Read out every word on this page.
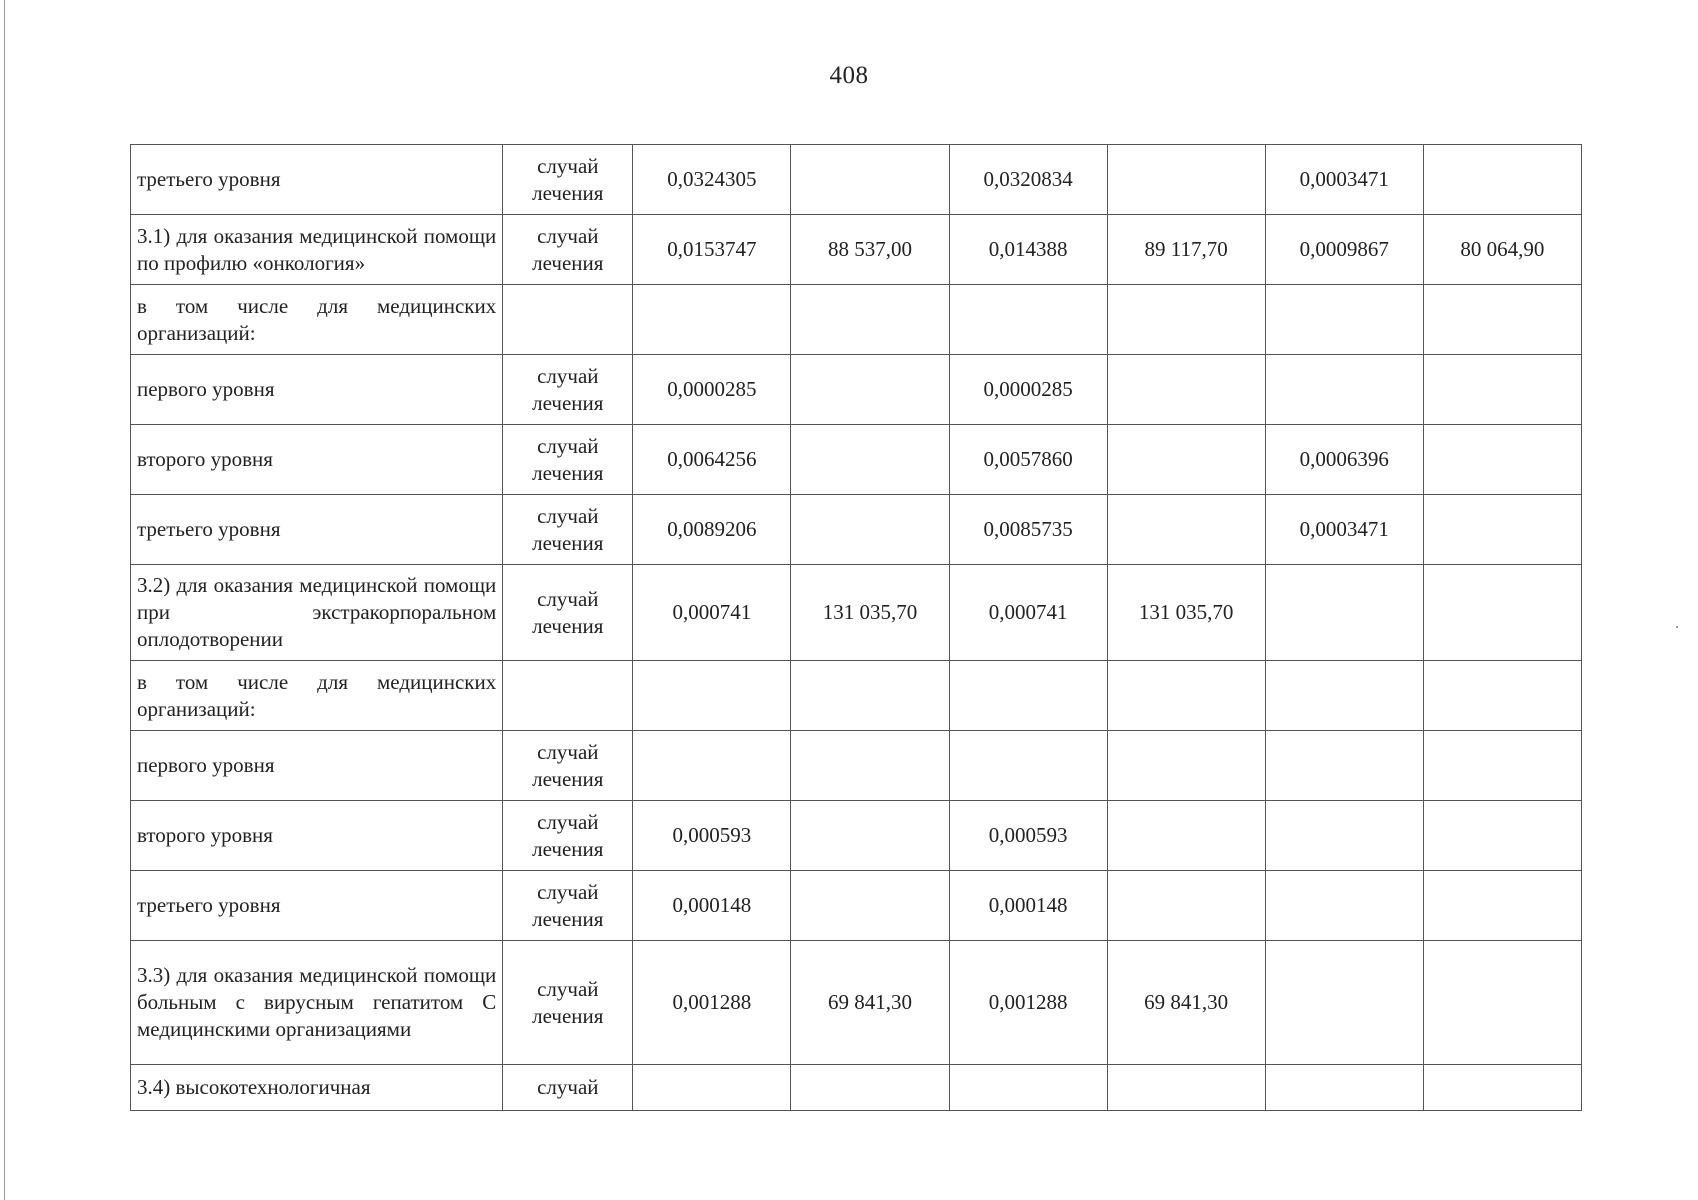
408
третьего уровня	случай лечения	0,0324305		0,0320834		0,0003471	
3.1) для оказания медицинской помощи по профилю «онкология»	случай лечения	0,0153747	88 537,00	0,014388	89 117,70	0,0009867	80 064,90
в том числе для медицинских организаций:							
первого уровня	случай лечения	0,0000285		0,0000285			
второго уровня	случай лечения	0,0064256		0,0057860		0,0006396	
третьего уровня	случай лечения	0,0089206		0,0085735		0,0003471	
3.2) для оказания медицинской помощи при экстракорпоральном оплодотворении	случай лечения	0,000741	131 035,70	0,000741	131 035,70		
в том числе для медицинских организаций:							
первого уровня	случай лечения						
второго уровня	случай лечения	0,000593		0,000593			
третьего уровня	случай лечения	0,000148		0,000148			
3.3) для оказания медицинской помощи больным с вирусным гепатитом С медицинскими организациями	случай лечения	0,001288	69 841,30	0,001288	69 841,30		
3.4) высокотехнологичная	случай						
